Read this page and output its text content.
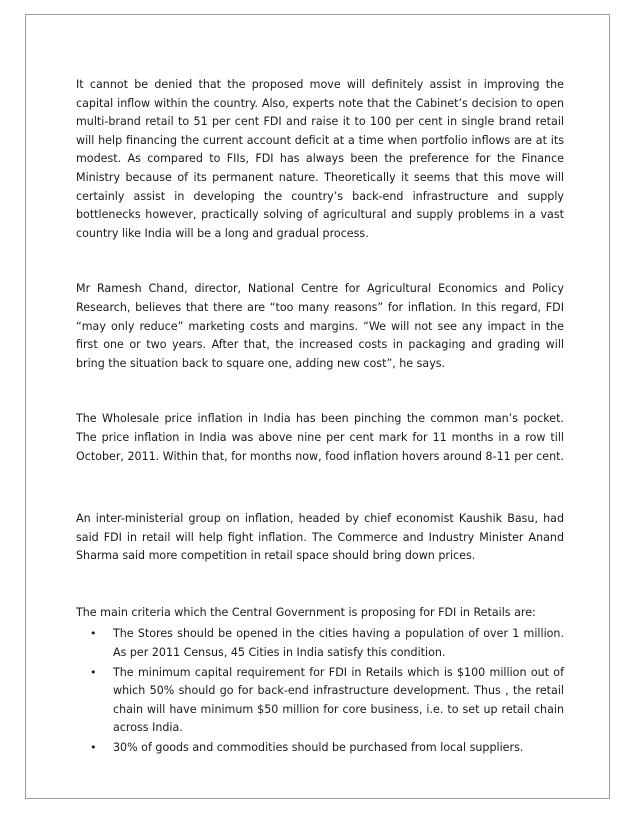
It cannot be denied that the proposed move will definitely assist in improving the capital inflow within the country. Also, experts note that the Cabinet’s decision to open multi-brand retail to 51 per cent FDI and raise it to 100 per cent in single brand retail will help financing the current account deficit at a time when portfolio inflows are at its modest. As compared to FIIs, FDI has always been the preference for the Finance Ministry because of its permanent nature. Theoretically it seems that this move will certainly assist in developing the country’s back-end infrastructure and supply bottlenecks however, practically solving of agricultural and supply problems in a vast country like India will be a long and gradual process.

Mr Ramesh Chand, director, National Centre for Agricultural Economics and Policy Research, believes that there are “too many reasons” for inflation. In this regard, FDI “may only reduce” marketing costs and margins. “We will not see any impact in the first one or two years. After that, the increased costs in packaging and grading will bring the situation back to square one, adding new cost”, he says.

The Wholesale price inflation in India has been pinching the common man’s pocket. The price inflation in India was above nine per cent mark for 11 months in a row till October, 2011. Within that, for months now, food inflation hovers around 8-11 per cent.

An inter-ministerial group on inflation, headed by chief economist Kaushik Basu, had said FDI in retail will help fight inflation. The Commerce and Industry Minister Anand Sharma said more competition in retail space should bring down prices.

The main criteria which the Central Government is proposing for FDI in Retails are:

• The Stores should be opened in the cities having a population of over 1 million. As per 2011 Census, 45 Cities in India satisfy this condition.
• The minimum capital requirement for FDI in Retails which is $100 million out of which 50% should go for back-end infrastructure development. Thus , the retail chain will have minimum $50 million for core business, i.e. to set up retail chain across India.
• 30% of goods and commodities should be purchased from local suppliers.
